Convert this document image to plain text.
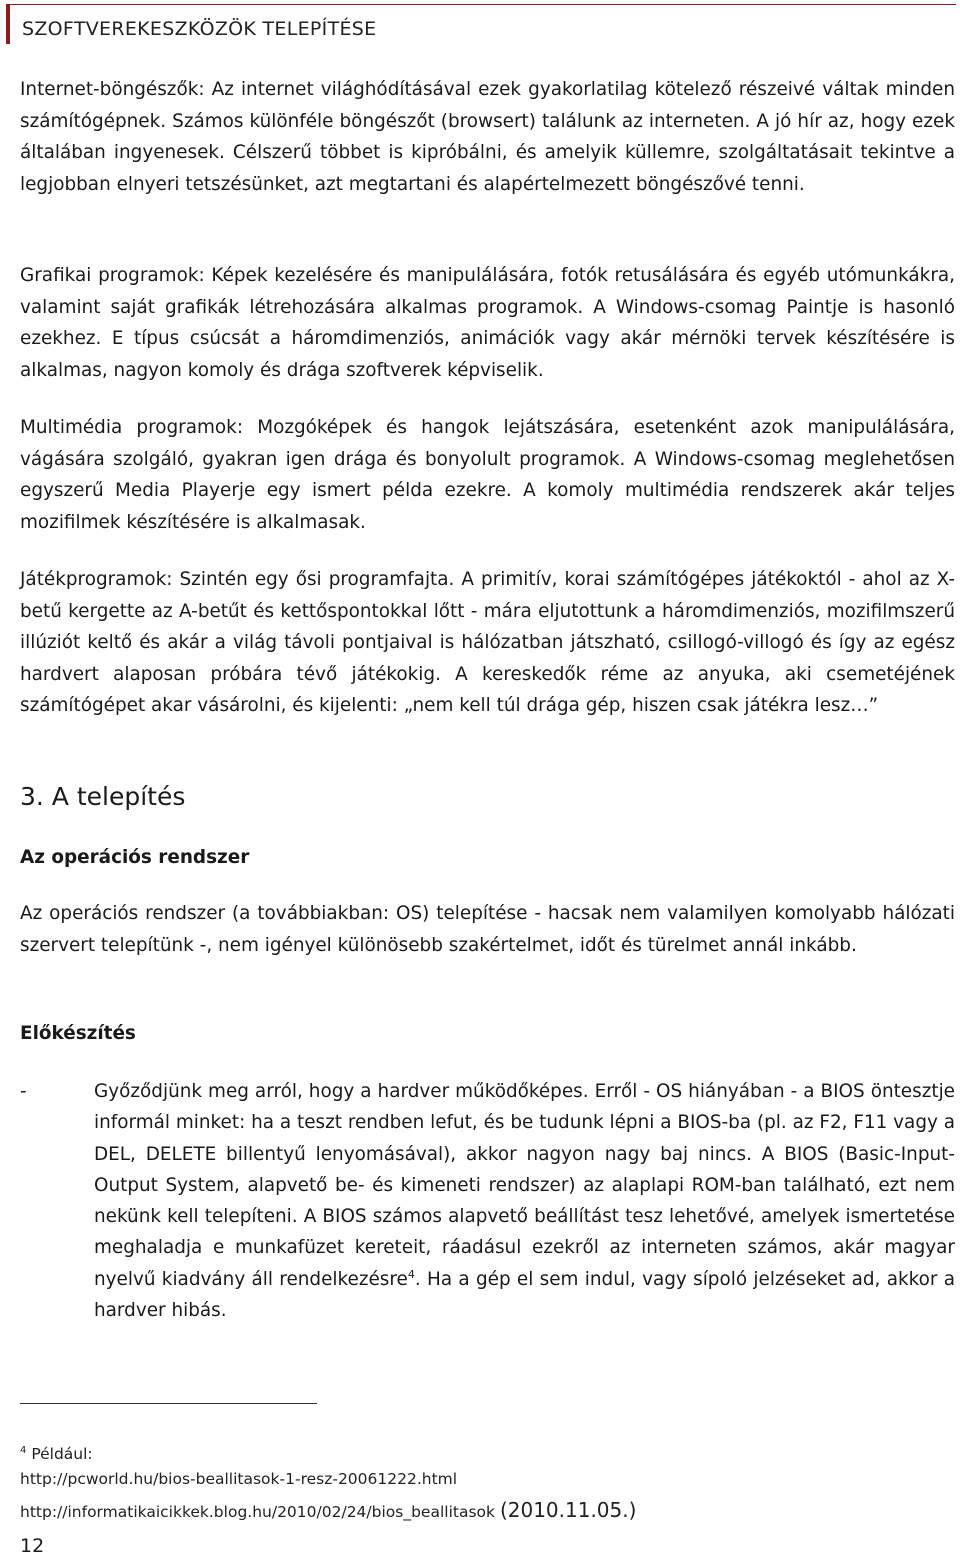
SZOFTVEREKESZKÖZÖK TELEPÍTÉSE

Internet-böngészők: Az internet világhódításával ezek gyakorlatilag kötelező részeivé váltak minden számítógépnek. Számos különféle böngészőt (browsert) találunk az interneten. A jó hír az, hogy ezek általában ingyenesek. Célszerű többet is kipróbálni, és amelyik küllemre, szolgáltatásait tekintve a legjobban elnyeri tetszésünket, azt megtartani és alapértelmezett böngészővé tenni.

Grafikai programok: Képek kezelésére és manipulálására, fotók retusálására és egyéb utómunkákra, valamint saját grafikák létrehozására alkalmas programok. A Windows-csomag Paintje is hasonló ezekhez. E típus csúcsát a háromdimenziós, animációk vagy akár mérnöki tervek készítésére is alkalmas, nagyon komoly és drága szoftverek képviselik.

Multimédia programok: Mozgóképek és hangok lejátszására, esetenként azok manipulálására, vágására szolgáló, gyakran igen drága és bonyolult programok. A Windows-csomag meglehetősen egyszerű Media Playerje egy ismert példa ezekre. A komoly multimédia rendszerek akár teljes mozifilmek készítésére is alkalmasak.

Játékprogramok: Szintén egy ősi programfajta. A primitív, korai számítógépes játékoktól - ahol az X-betű kergette az A-betűt és kettőspontokkal lőtt - mára eljutottunk a háromdimenziós, mozifilmszerű illúziót keltő és akár a világ távoli pontjaival is hálózatban játszható, csillogó-villogó és így az egész hardvert alaposan próbára tévő játékokig. A kereskedők réme az anyuka, aki csemetéjének számítógépet akar vásárolni, és kijelenti: „nem kell túl drága gép, hiszen csak játékra lesz…”

3. A telepítés
Az operációs rendszer

Az operációs rendszer (a továbbiakban: OS) telepítése - hacsak nem valamilyen komolyabb hálózati szervert telepítünk -, nem igényel különösebb szakértelmet, időt és türelmet annál inkább.

Előkészítés
-	Győződjünk meg arról, hogy a hardver működőképes. Erről - OS hiányában - a BIOS öntesztje informál minket: ha a teszt rendben lefut, és be tudunk lépni a BIOS-ba (pl. az F2, F11 vagy a DEL, DELETE billentyű lenyomásával), akkor nagyon nagy baj nincs. A BIOS (Basic-Input-Output System, alapvető be- és kimeneti rendszer) az alaplapi ROM-ban található, ezt nem nekünk kell telepíteni. A BIOS számos alapvető beállítást tesz lehetővé, amelyek ismertetése meghaladja e munkafüzet kereteit, ráadásul ezekről az interneten számos, akár magyar nyelvű kiadvány áll rendelkezésre$^4$. Ha a gép el sem indul, vagy sípoló jelzéseket ad, akkor a hardver hibás.

$^4$ Például:

http://pcworld.hu/bios-beallitasok-1-resz-20061222.html

http://informatikaicikkek.blog.hu/2010/02/24/bios_beallitasok (2010.11.05.)

12
